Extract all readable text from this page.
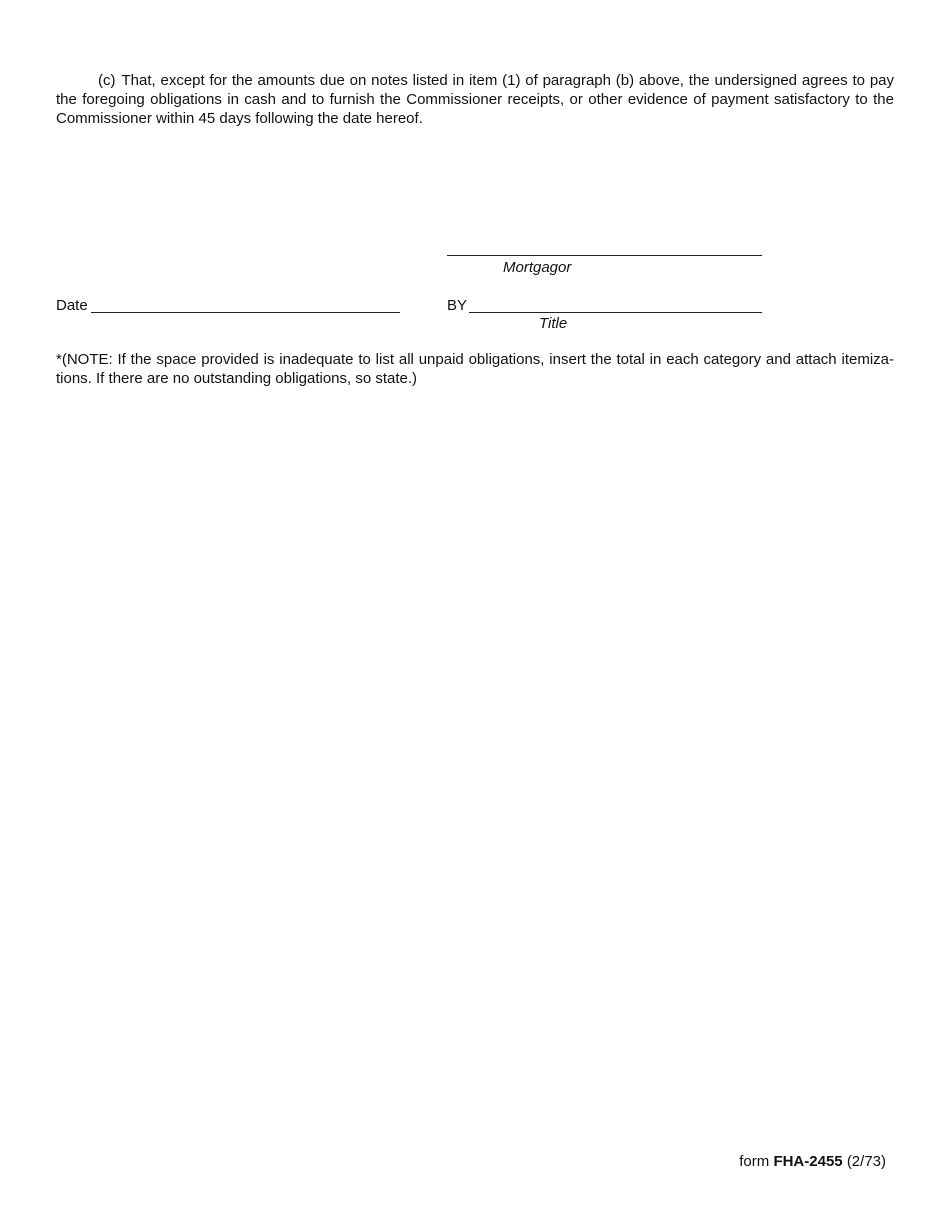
(c) That, except for the amounts due on notes listed in item (1) of paragraph (b) above, the undersigned agrees to pay the foregoing obligations in cash and to furnish the Commissioner receipts, or other evidence of payment satisfactory to the Commissioner within 45 days following the date hereof.

Mortgagor
Date	BY
Title

*(NOTE: If the space provided is inadequate to list all unpaid obligations, insert the total in each category and attach itemizations. If there are no outstanding obligations, so state.)

form FHA-2455 (2/73)
